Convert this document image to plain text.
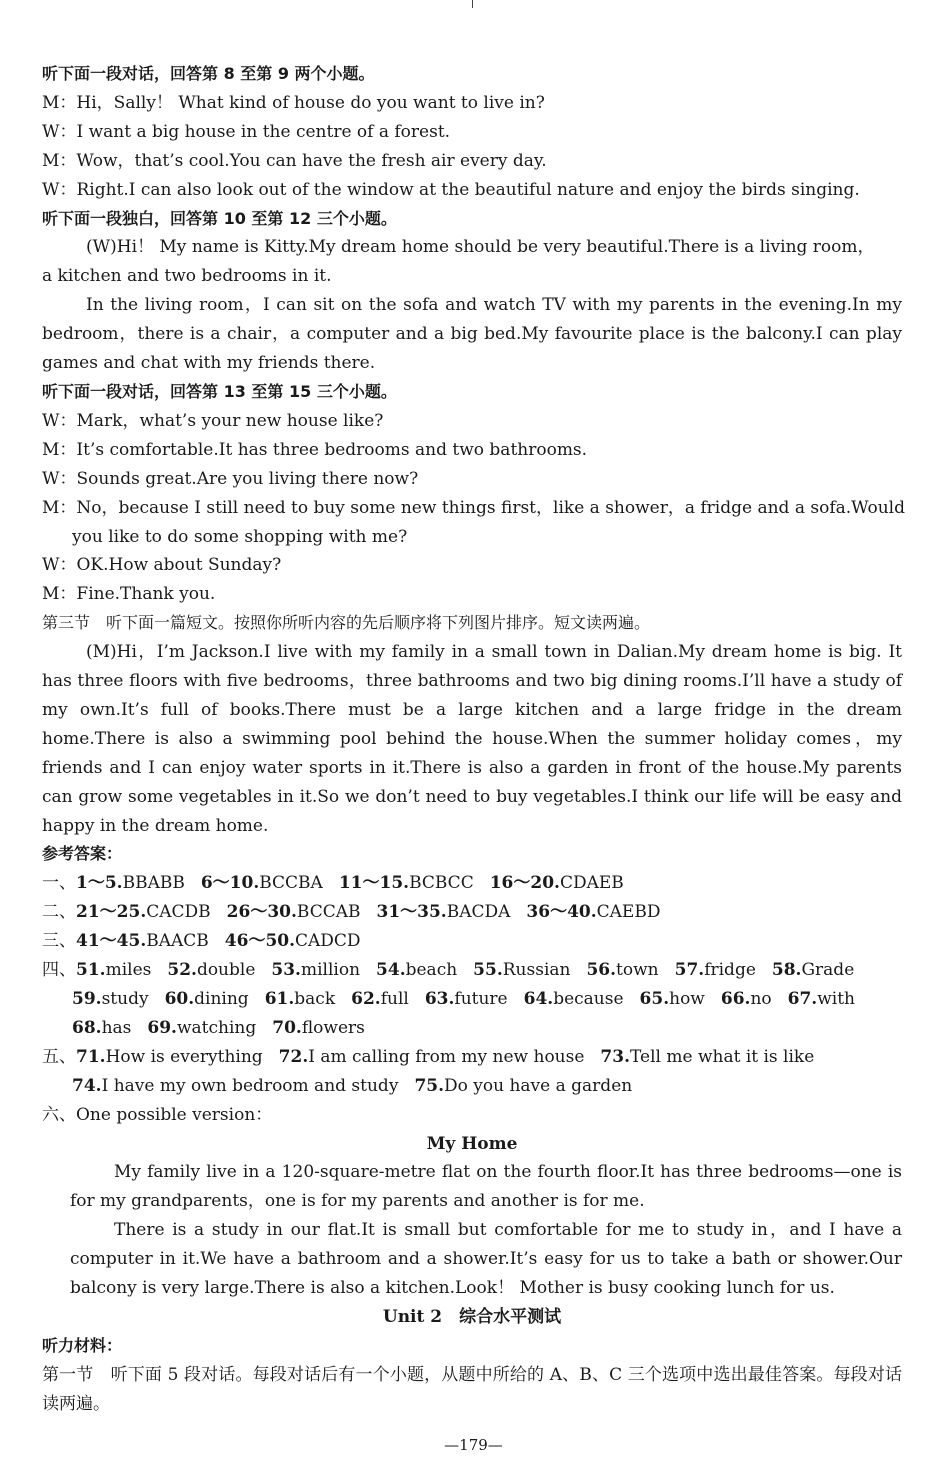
听下面一段对话，回答第 8 至第 9 两个小题。
M：Hi，Sally！ What kind of house do you want to live in?
W：I want a big house in the centre of a forest.
M：Wow，that’s cool.You can have the fresh air every day.
W：Right.I can also look out of the window at the beautiful nature and enjoy the birds singing.
听下面一段独白，回答第 10 至第 12 三个小题。
(W)Hi！ My name is Kitty.My dream home should be very beautiful.There is a living room，
a kitchen and two bedrooms in it.
In the living room，I can sit on the sofa and watch TV with my parents in the evening.In my bedroom，there is a chair，a computer and a big bed.My favourite place is the balcony.I can play games and chat with my friends there.
听下面一段对话，回答第 13 至第 15 三个小题。
W：Mark，what’s your new house like?
M：It’s comfortable.It has three bedrooms and two bathrooms.
W：Sounds great.Are you living there now?
M：No，because I still need to buy some new things first，like a shower，a fridge and a sofa.Would
you like to do some shopping with me?
W：OK.How about Sunday?
M：Fine.Thank you.
第三节　听下面一篇短文。按照你所听内容的先后顺序将下列图片排序。短文读两遍。
(M)Hi，I’m Jackson.I live with my family in a small town in Dalian.My dream home is big. It has three floors with five bedrooms，three bathrooms and two big dining rooms.I’ll have a study of my own.It’s full of books.There must be a large kitchen and a large fridge in the dream home.There is also a swimming pool behind the house.When the summer holiday comes，my friends and I can enjoy water sports in it.There is also a garden in front of the house.My parents can grow some vegetables in it.So we don’t need to buy vegetables.I think our life will be easy and happy in the dream home.
参考答案：
一、1～5.BBABB 6～10.BCCBA 11～15.BCBCC 16～20.CDAEB
二、21～25.CACDB 26～30.BCCAB 31～35.BACDA 36～40.CAEBD
三、41～45.BAACB 46～50.CADCD
四、51.miles 52.double 53.million 54.beach 55.Russian 56.town 57.fridge 58.Grade
59.study 60.dining 61.back 62.full 63.future 64.because 65.how 66.no 67.with
68.has 69.watching 70.flowers
五、71.How is everything 72.I am calling from my new house 73.Tell me what it is like
74.I have my own bedroom and study 75.Do you have a garden
六、One possible version：
My Home
My family live in a 120-square-metre flat on the fourth floor.It has three bedrooms—one is for my grandparents，one is for my parents and another is for me.
There is a study in our flat.It is small but comfortable for me to study in，and I have a computer in it.We have a bathroom and a shower.It’s easy for us to take a bath or shower.Our balcony is very large.There is also a kitchen.Look！ Mother is busy cooking lunch for us.
Unit 2　综合水平测试
听力材料：
第一节　听下面 5 段对话。每段对话后有一个小题，从题中所给的 A、B、C 三个选项中选出最佳答案。每段对话读两遍。
—179—
